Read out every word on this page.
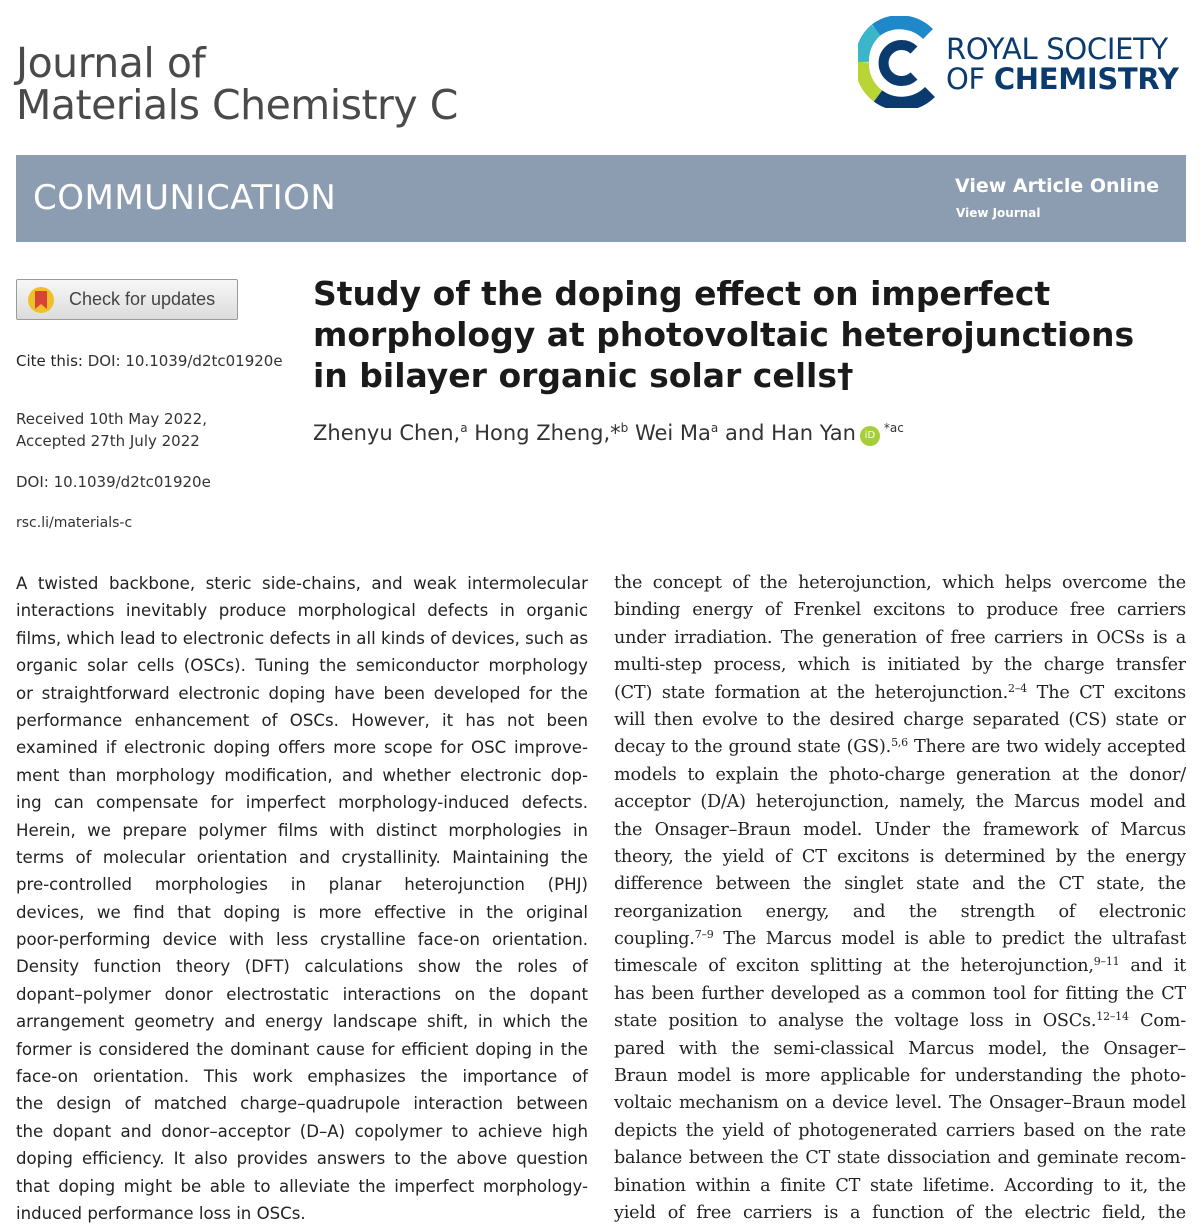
Journal of
Materials Chemistry C
ROYAL SOCIETY
OF CHEMISTRY
COMMUNICATION	View Article Online
View Journal
Check for updates
Cite this: DOI: 10.1039/d2tc01920e
Received 10th May 2022,
Accepted 27th July 2022
DOI: 10.1039/d2tc01920e
rsc.li/materials-c
Study of the doping effect on imperfect
morphology at photovoltaic heterojunctions
in bilayer organic solar cells†
Zhenyu Chen,$^a$ Hong Zheng,*$^b$ Wei Ma$^a$ and Han Yan $iD^{*ac}$
A twisted backbone, steric side-chains, and weak intermolecular
interactions inevitably produce morphological defects in organic
films, which lead to electronic defects in all kinds of devices, such as
organic solar cells (OSCs). Tuning the semiconductor morphology
or straightforward electronic doping have been developed for the
performance enhancement of OSCs. However, it has not been
examined if electronic doping offers more scope for OSC improve-
ment than morphology modification, and whether electronic dop-
ing can compensate for imperfect morphology-induced defects.
Herein, we prepare polymer films with distinct morphologies in
terms of molecular orientation and crystallinity. Maintaining the
pre-controlled morphologies in planar heterojunction (PHJ)
devices, we find that doping is more effective in the original
poor-performing device with less crystalline face-on orientation.
Density function theory (DFT) calculations show the roles of
dopant–polymer donor electrostatic interactions on the dopant
arrangement geometry and energy landscape shift, in which the
former is considered the dominant cause for efficient doping in the
face-on orientation. This work emphasizes the importance of
the design of matched charge–quadrupole interaction between
the dopant and donor–acceptor (D–A) copolymer to achieve high
doping efficiency. It also provides answers to the above question
that doping might be able to alleviate the imperfect morphology-
induced performance loss in OSCs.
the concept of the heterojunction, which helps overcome the
binding energy of Frenkel excitons to produce free carriers
under irradiation. The generation of free carriers in OCSs is a
multi-step process, which is initiated by the charge transfer
(CT) state formation at the heterojunction.$^{2-4}$ The CT excitons
will then evolve to the desired charge separated (CS) state or
decay to the ground state (GS).$^{5,6}$ There are two widely accepted
models to explain the photo-charge generation at the donor/
acceptor (D/A) heterojunction, namely, the Marcus model and
the Onsager–Braun model. Under the framework of Marcus
theory, the yield of CT excitons is determined by the energy
difference between the singlet state and the CT state, the
reorganization energy, and the strength of electronic
coupling.$^{7-9}$ The Marcus model is able to predict the ultrafast
timescale of exciton splitting at the heterojunction,$^{9-11}$ and it
has been further developed as a common tool for fitting the CT
state position to analyse the voltage loss in OSCs.$^{12-14}$ Com-
pared with the semi-classical Marcus model, the Onsager–
Braun model is more applicable for understanding the photo-
voltaic mechanism on a device level. The Onsager–Braun model
depicts the yield of photogenerated carriers based on the rate
balance between the CT state dissociation and geminate recom-
bination within a finite CT state lifetime. According to it, the
yield of free carriers is a function of the electric field, the
